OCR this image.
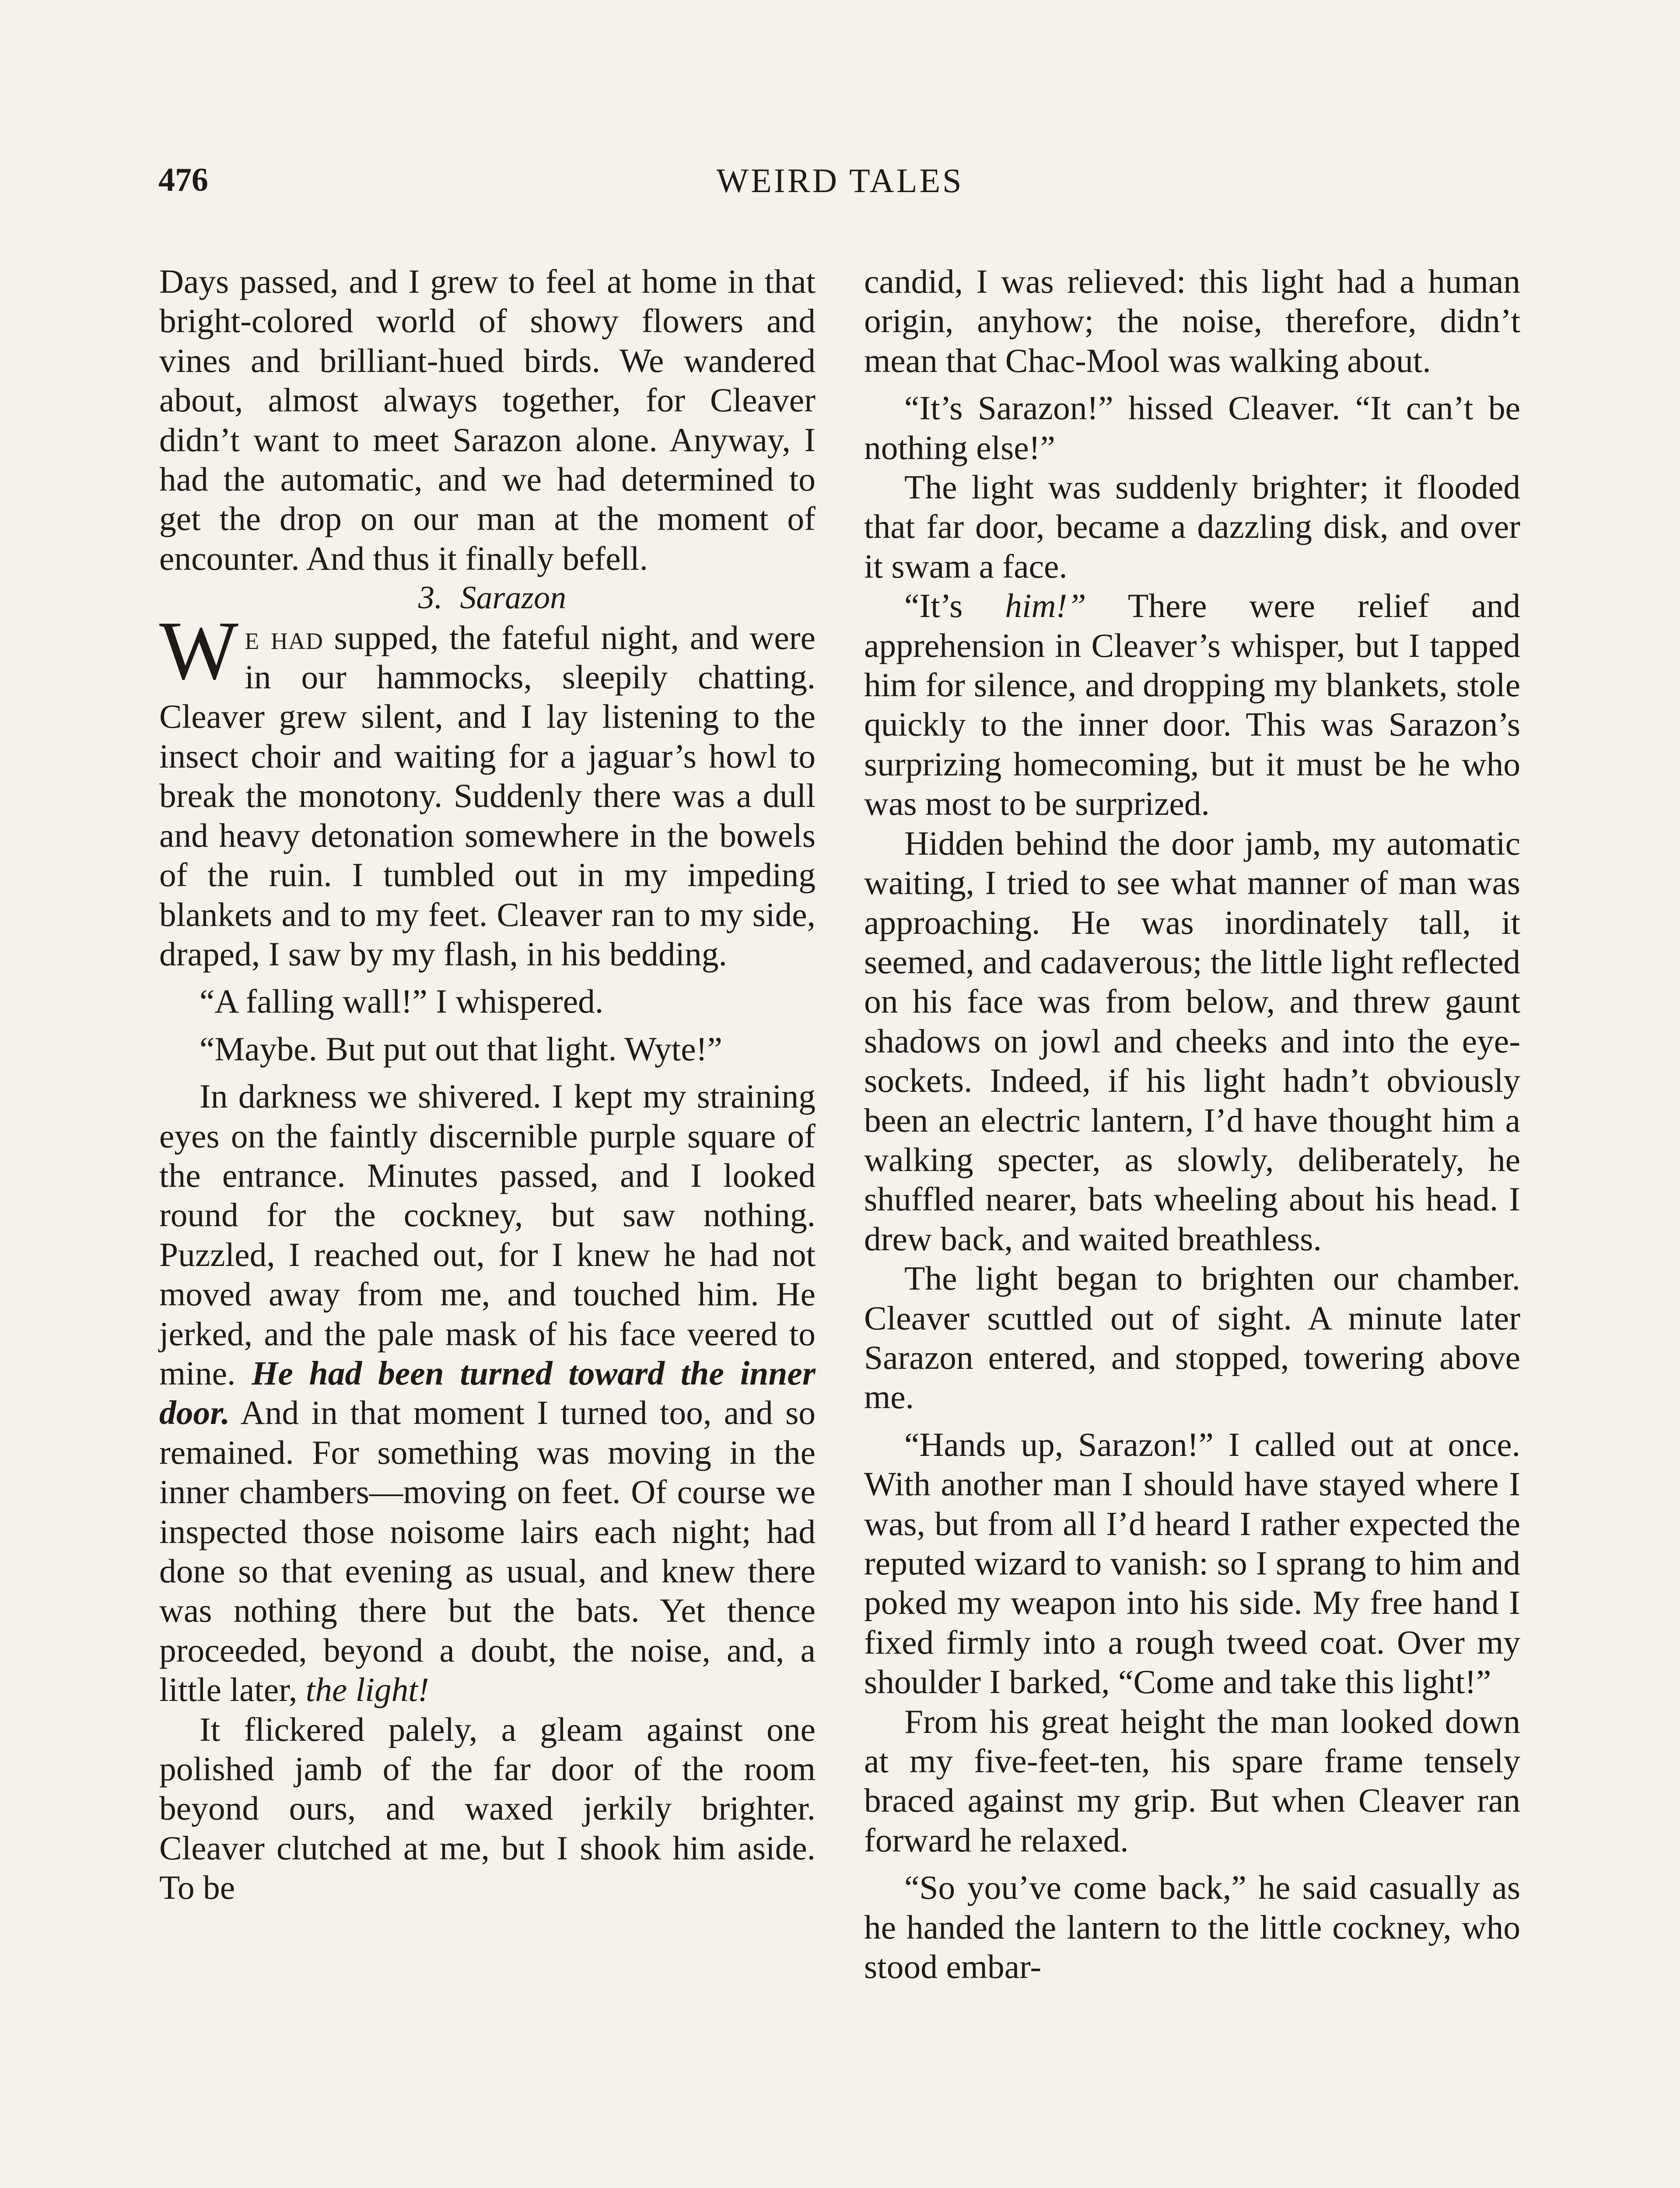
476	WEIRD TALES

Days passed, and I grew to feel at home in that bright-colored world of showy flowers and vines and brilliant-hued birds. We wandered about, almost always together, for Cleaver didn’t want to meet Sarazon alone. Anyway, I had the automatic, and we had determined to get the drop on our man at the moment of encounter. And thus it finally befell.

3. Sarazon

We had supped, the fateful night, and were in our hammocks, sleepily chatting. Cleaver grew silent, and I lay listening to the insect choir and waiting for a jaguar’s howl to break the monotony. Suddenly there was a dull and heavy detonation somewhere in the bowels of the ruin. I tumbled out in my impeding blankets and to my feet. Cleaver ran to my side, draped, I saw by my flash, in his bedding.

“A falling wall!” I whispered.

“Maybe. But put out that light. Wyte!”

In darkness we shivered. I kept my straining eyes on the faintly discernible purple square of the entrance. Minutes passed, and I looked round for the cockney, but saw nothing. Puzzled, I reached out, for I knew he had not moved away from me, and touched him. He jerked, and the pale mask of his face veered to mine. He had been turned toward the inner door. And in that moment I turned too, and so remained. For something was moving in the inner chambers—moving on feet. Of course we inspected those noisome lairs each night; had done so that evening as usual, and knew there was nothing there but the bats. Yet thence proceeded, beyond a doubt, the noise, and, a little later, the light!

It flickered palely, a gleam against one polished jamb of the far door of the room beyond ours, and waxed jerkily brighter. Cleaver clutched at me, but I shook him aside. To be

candid, I was relieved: this light had a human origin, anyhow; the noise, therefore, didn’t mean that Chac-Mool was walking about.

“It’s Sarazon!” hissed Cleaver. “It can’t be nothing else!”

The light was suddenly brighter; it flooded that far door, became a dazzling disk, and over it swam a face.

“It’s him!” There were relief and apprehension in Cleaver’s whisper, but I tapped him for silence, and dropping my blankets, stole quickly to the inner door. This was Sarazon’s surprizing homecoming, but it must be he who was most to be surprized.

Hidden behind the door jamb, my automatic waiting, I tried to see what manner of man was approaching. He was inordinately tall, it seemed, and cadaverous; the little light reflected on his face was from below, and threw gaunt shadows on jowl and cheeks and into the eye-sockets. Indeed, if his light hadn’t obviously been an electric lantern, I’d have thought him a walking specter, as slowly, deliberately, he shuffled nearer, bats wheeling about his head. I drew back, and waited breathless.

The light began to brighten our chamber. Cleaver scuttled out of sight. A minute later Sarazon entered, and stopped, towering above me.

“Hands up, Sarazon!” I called out at once. With another man I should have stayed where I was, but from all I’d heard I rather expected the reputed wizard to vanish: so I sprang to him and poked my weapon into his side. My free hand I fixed firmly into a rough tweed coat. Over my shoulder I barked, “Come and take this light!”

From his great height the man looked down at my five-feet-ten, his spare frame tensely braced against my grip. But when Cleaver ran forward he relaxed.

“So you’ve come back,” he said casually as he handed the lantern to the little cockney, who stood embar-
